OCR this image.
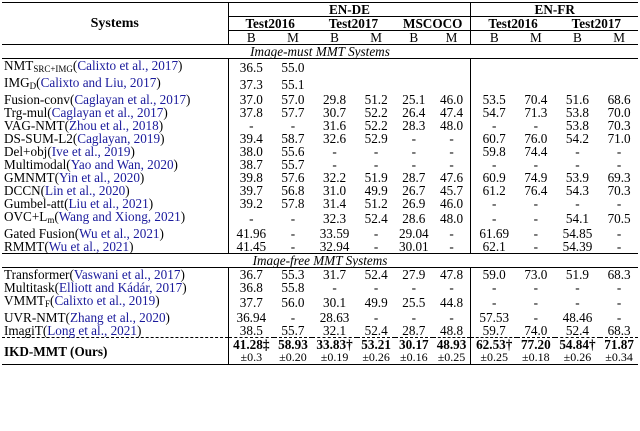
Systems	EN-DE						EN-FR			
	Test2016		Test2017		MSCOCO		Test2016		Test2017	
	B	M	B	M	B	M	B	M	B	M
Image-must MMT Systems										
$NMT_{SRC+IMG}(Calixto$ et al., 2017)	36.5	55.0								
$IMG_D(Calixto$ and Liu, 2017)	37.3	55.1								
Fusion-conv(Caglayan et al., 2017)	37.0	57.0	29.8	51.2	25.1	46.0	53.5	70.4	51.6	68.6
Trg-mul(Caglayan et al., 2017)	37.8	57.7	30.7	52.2	26.4	47.4	54.7	71.3	53.8	70.0
VAG-NMT(Zhou et al., 2018)	-	-	31.6	52.2	28.3	48.0	-	-	53.8	70.3
DS-SUM-L2(Caglayan, 2019)	39.4	58.7	32.6	52.9	-	-	60.7	76.0	54.2	71.0
Del+obj(Ive et al., 2019)	38.0	55.6	-	-	-	-	59.8	74.4	-	-
Multimodal(Yao and Wan, 2020)	38.7	55.7	-	-	-	-	-	-	-	-
GMNMT(Yin et al., 2020)	39.8	57.6	32.2	51.9	28.7	47.6	60.9	74.9	53.9	69.3
DCCN(Lin et al., 2020)	39.7	56.8	31.0	49.9	26.7	45.7	61.2	76.4	54.3	70.3
Gumbel-att(Liu et al., 2021)	39.2	57.8	31.4	51.2	26.9	46.0	-	-	-	-
$OVC+L_m(Wang$ and Xiong, 2021)	-	-	32.3	52.4	28.6	48.0	-	-	54.1	70.5
Gated Fusion(Wu et al., 2021)	41.96	-	33.59	-	29.04	-	61.69	-	54.85	-
RMMT(Wu et al., 2021)	41.45	-	32.94	-	30.01	-	62.1	-	54.39	-
Image-free MMT Systems										
Transformer(Vaswani et al., 2017)	36.7	55.3	31.7	52.4	27.9	47.8	59.0	73.0	51.9	68.3
Multitask(Elliott and Kádár, 2017)	36.8	55.8	-	-	-	-	-	-	-	-
$VMMT_F(Calixto$ et al., 2019)	37.7	56.0	30.1	49.9	25.5	44.8	-	-	-	-
UVR-NMT(Zhang et al., 2020)	36.94	-	28.63	-	-	-	57.53	-	48.46	-
ImagiT(Long et al., 2021)	38.5	55.7	32.1	52.4	28.7	48.8	59.7	74.0	52.4	68.3
IKD-MMT (Ours)	41.28‡	58.93	33.83†	53.21	30.17	48.93	62.53†	77.20	54.84†	71.87
	±0.3	±0.20	±0.19	±0.26	±0.16	±0.25	±0.25	±0.18	±0.26	±0.34
